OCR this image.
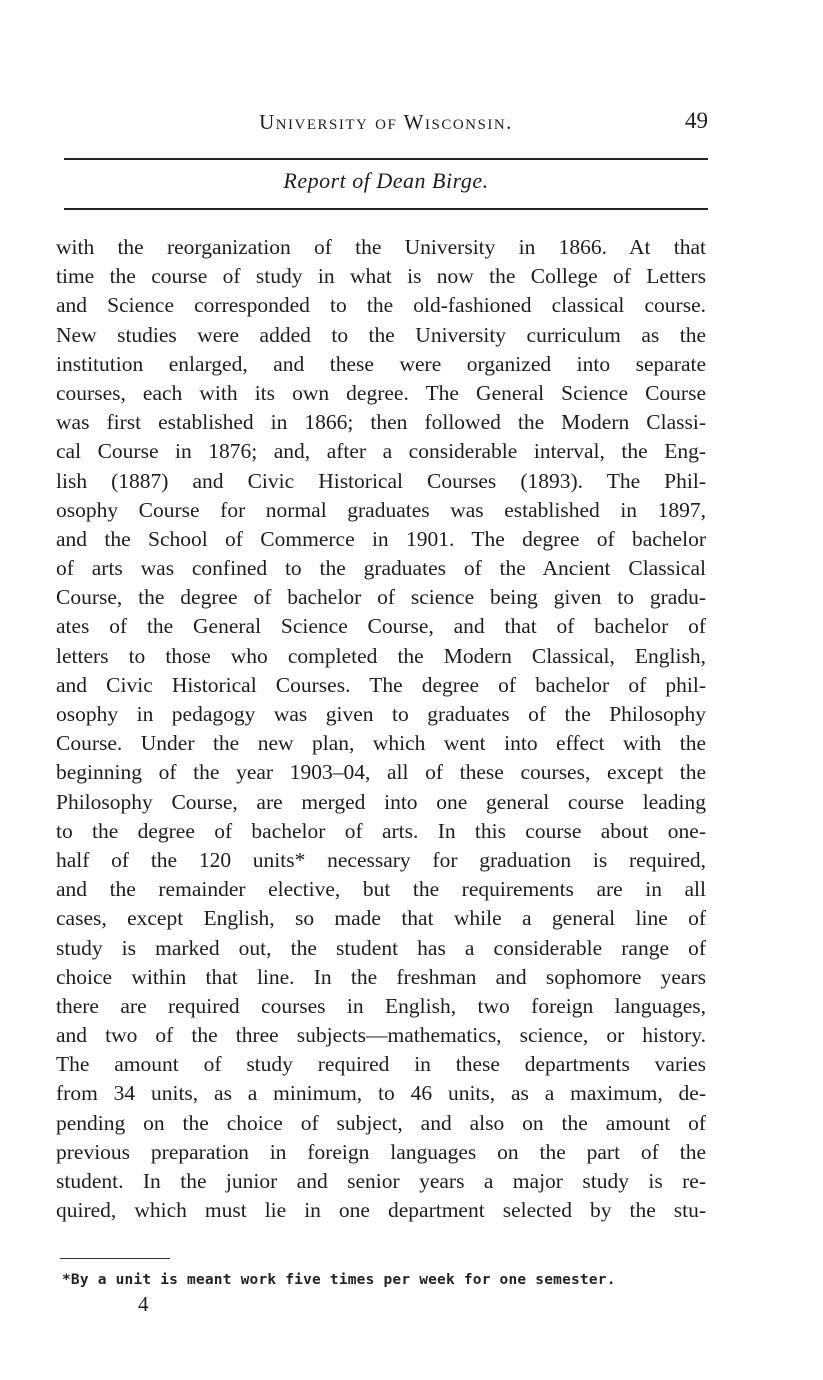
University of Wisconsin.	49
Report of Dean Birge.
with the reorganization of the University in 1866. At that
time the course of study in what is now the College of Letters
and Science corresponded to the old-fashioned classical course.
New studies were added to the University curriculum as the
institution enlarged, and these were organized into separate
courses, each with its own degree. The General Science Course
was first established in 1866; then followed the Modern Classi-
cal Course in 1876; and, after a considerable interval, the Eng-
lish (1887) and Civic Historical Courses (1893). The Phil-
osophy Course for normal graduates was established in 1897,
and the School of Commerce in 1901. The degree of bachelor
of arts was confined to the graduates of the Ancient Classical
Course, the degree of bachelor of science being given to gradu-
ates of the General Science Course, and that of bachelor of
letters to those who completed the Modern Classical, English,
and Civic Historical Courses. The degree of bachelor of phil-
osophy in pedagogy was given to graduates of the Philosophy
Course. Under the new plan, which went into effect with the
beginning of the year 1903–04, all of these courses, except the
Philosophy Course, are merged into one general course leading
to the degree of bachelor of arts. In this course about one-
half of the 120 units* necessary for graduation is required,
and the remainder elective, but the requirements are in all
cases, except English, so made that while a general line of
study is marked out, the student has a considerable range of
choice within that line. In the freshman and sophomore years
there are required courses in English, two foreign languages,
and two of the three subjects—mathematics, science, or history.
The amount of study required in these departments varies
from 34 units, as a minimum, to 46 units, as a maximum, de-
pending on the choice of subject, and also on the amount of
previous preparation in foreign languages on the part of the
student. In the junior and senior years a major study is re-
quired, which must lie in one department selected by the stu-
*By a unit is meant work five times per week for one semester.
4
